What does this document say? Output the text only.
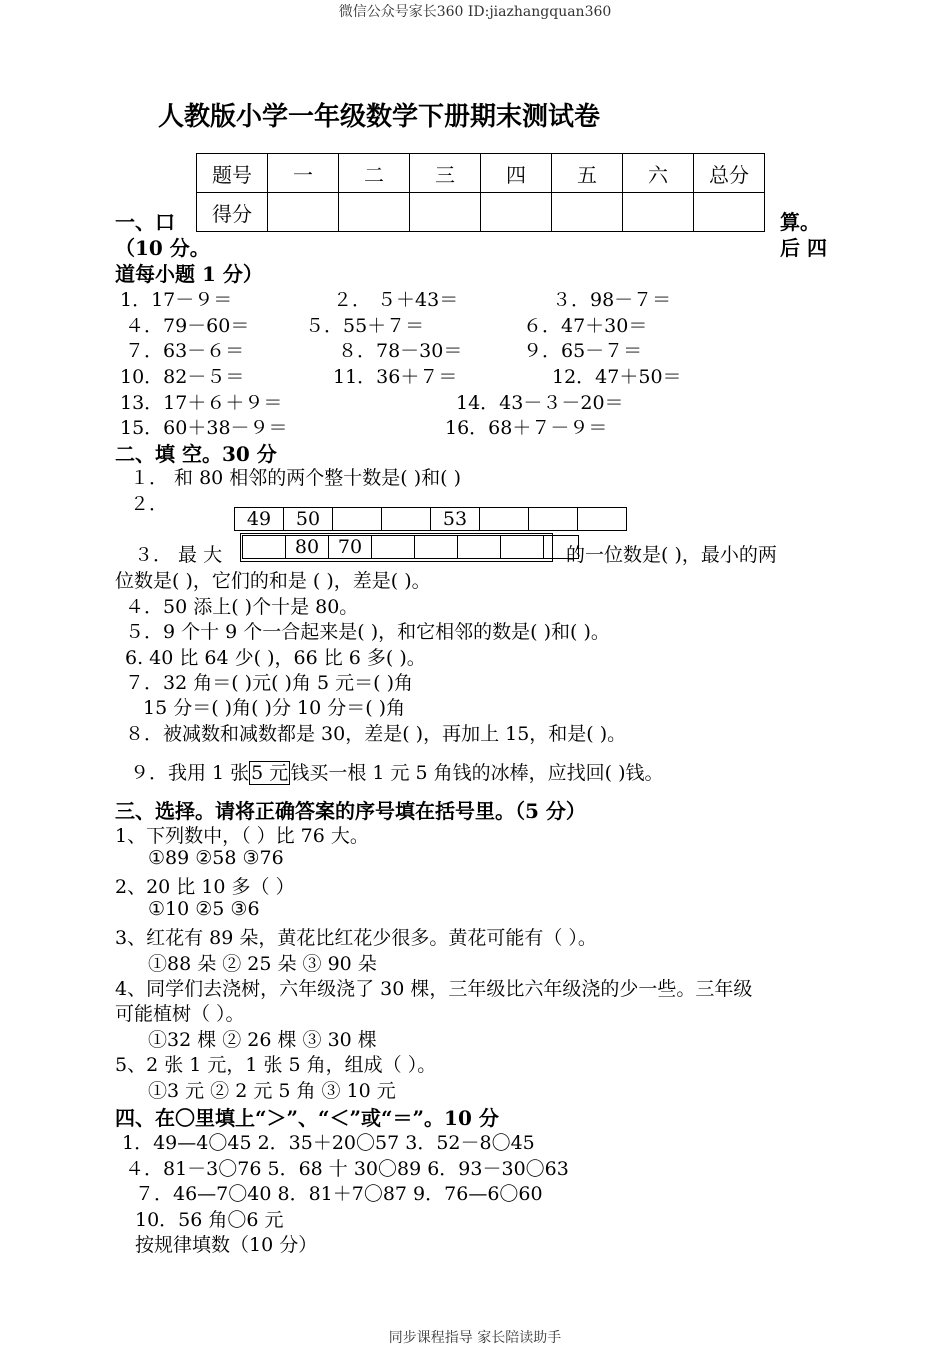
微信公众号家长360 ID:jiazhangquan360
人教版小学一年级数学下册期末测试卷
题号	一	二	三	四	五	六	总分
得分							
一、口	算。
（10 分。	后 四
道每小题 1 分）
1．17－９＝	２． ５＋43＝	３．98－７＝
４．79－60＝	５．55＋７＝	６．47＋30＝
７．63－６＝	８．78－30＝	９．65－７＝
10．82－５＝	11．36＋７＝	12．47＋50＝
13．17＋６＋９＝	14．43－３－20＝
15．60＋38－９＝	16．68＋７－９＝
二、填 空。30 分
１． 和 80 相邻的两个整十数是( )和( )
２．
49	50			53			
	80	70					
３． 最 大	的一位数是( )，最小的两
位数是( )，它们的和是 ( )，差是( )。
４．50 添上( )个十是 80。
５．9 个十 9 个一合起来是( )，和它相邻的数是( )和( )。
6. 40 比 64 少( )，66 比 6 多( )。
７．32 角＝( )元( )角 5 元＝( )角
15 分＝( )角( )分 10 分＝( )角
８．被减数和减数都是 30，差是( )，再加上 15，和是( )。
９．我用 1 张 5 元 钱买一根 1 元 5 角钱的冰棒，应找回( )钱。
三、选择。请将正确答案的序号填在括号里。（5 分）
1、下列数中，（ ）比 76 大。
①89 ②58 ③76
2、20 比 10 多（ ）
①10 ②5 ③6
3、红花有 89 朵，黄花比红花少很多。黄花可能有（ ）。
①88 朵 ② 25 朵 ③ 90 朵
4、同学们去浇树，六年级浇了 30 棵，三年级比六年级浇的少一些。三年级
可能植树（ ）。
①32 棵 ② 26 棵 ③ 30 棵
5、2 张 1 元，1 张 5 角，组成（ ）。
①3 元 ② 2 元 5 角 ③ 10 元
四、在〇里填上“＞”、“＜”或“＝”。10 分
1．49—4〇45 2．35＋20〇57 3．52－8〇45
４．81－3〇76 5．68 十 30〇89 6．93－30〇63
７．46—7〇40 8．81＋7〇87 9．76—6〇60
10．56 角〇6 元
按规律填数（10 分）
同步课程指导 家长陪读助手
